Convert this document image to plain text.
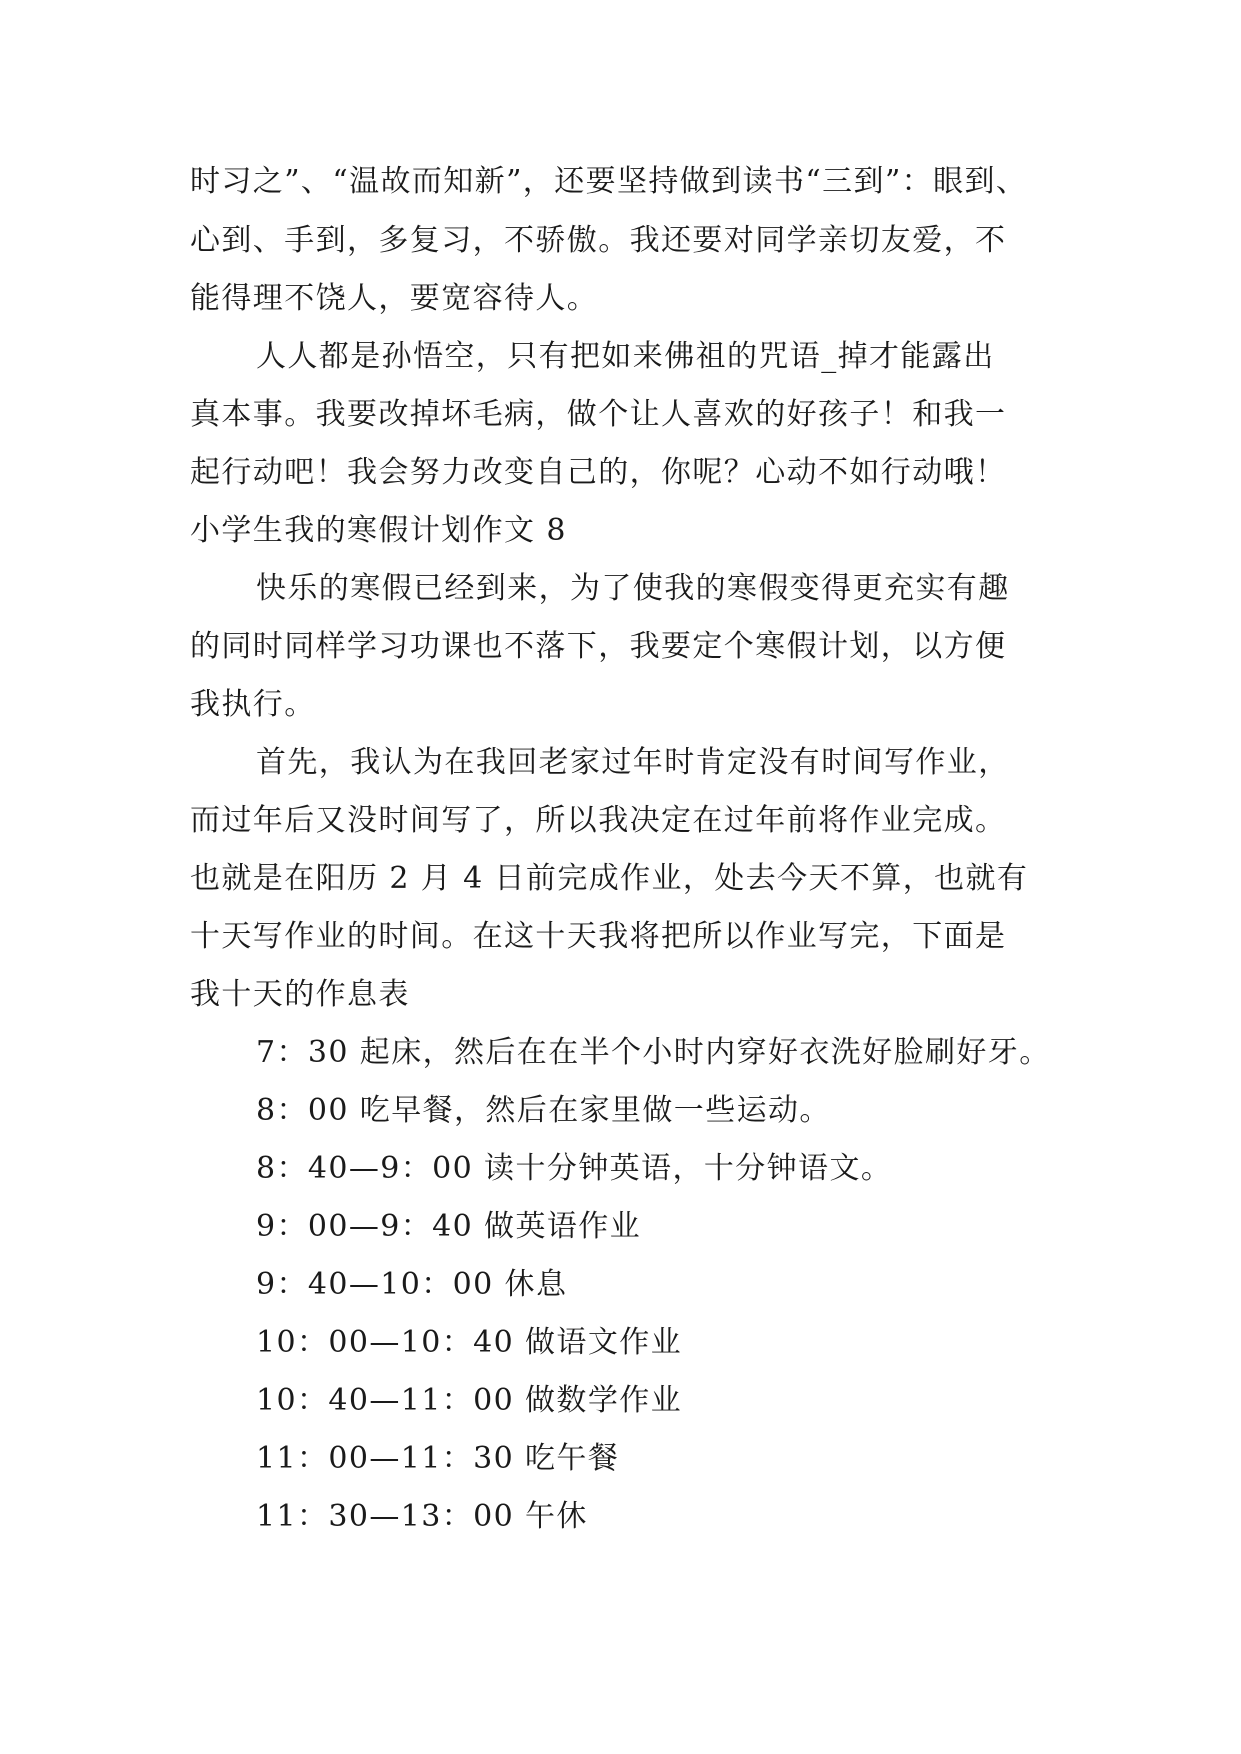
时习之”、“温故而知新”，还要坚持做到读书“三到”：眼到、
心到、手到，多复习，不骄傲。我还要对同学亲切友爱，不
能得理不饶人，要宽容待人。
人人都是孙悟空，只有把如来佛祖的咒语_掉才能露出
真本事。我要改掉坏毛病，做个让人喜欢的好孩子！和我一
起行动吧！我会努力改变自己的，你呢？心动不如行动哦！
小学生我的寒假计划作文 8
快乐的寒假已经到来，为了使我的寒假变得更充实有趣
的同时同样学习功课也不落下，我要定个寒假计划，以方便
我执行。
首先，我认为在我回老家过年时肯定没有时间写作业，
而过年后又没时间写了，所以我决定在过年前将作业完成。
也就是在阳历 2 月 4 日前完成作业，处去今天不算，也就有
十天写作业的时间。在这十天我将把所以作业写完，下面是
我十天的作息表
7：30 起床，然后在在半个小时内穿好衣洗好脸刷好牙。
8：00 吃早餐，然后在家里做一些运动。
8：40—9：00 读十分钟英语，十分钟语文。
9：00—9：40 做英语作业
9：40—10：00 休息
10：00—10：40 做语文作业
10：40—11：00 做数学作业
11：00—11：30 吃午餐
11：30—13：00 午休
